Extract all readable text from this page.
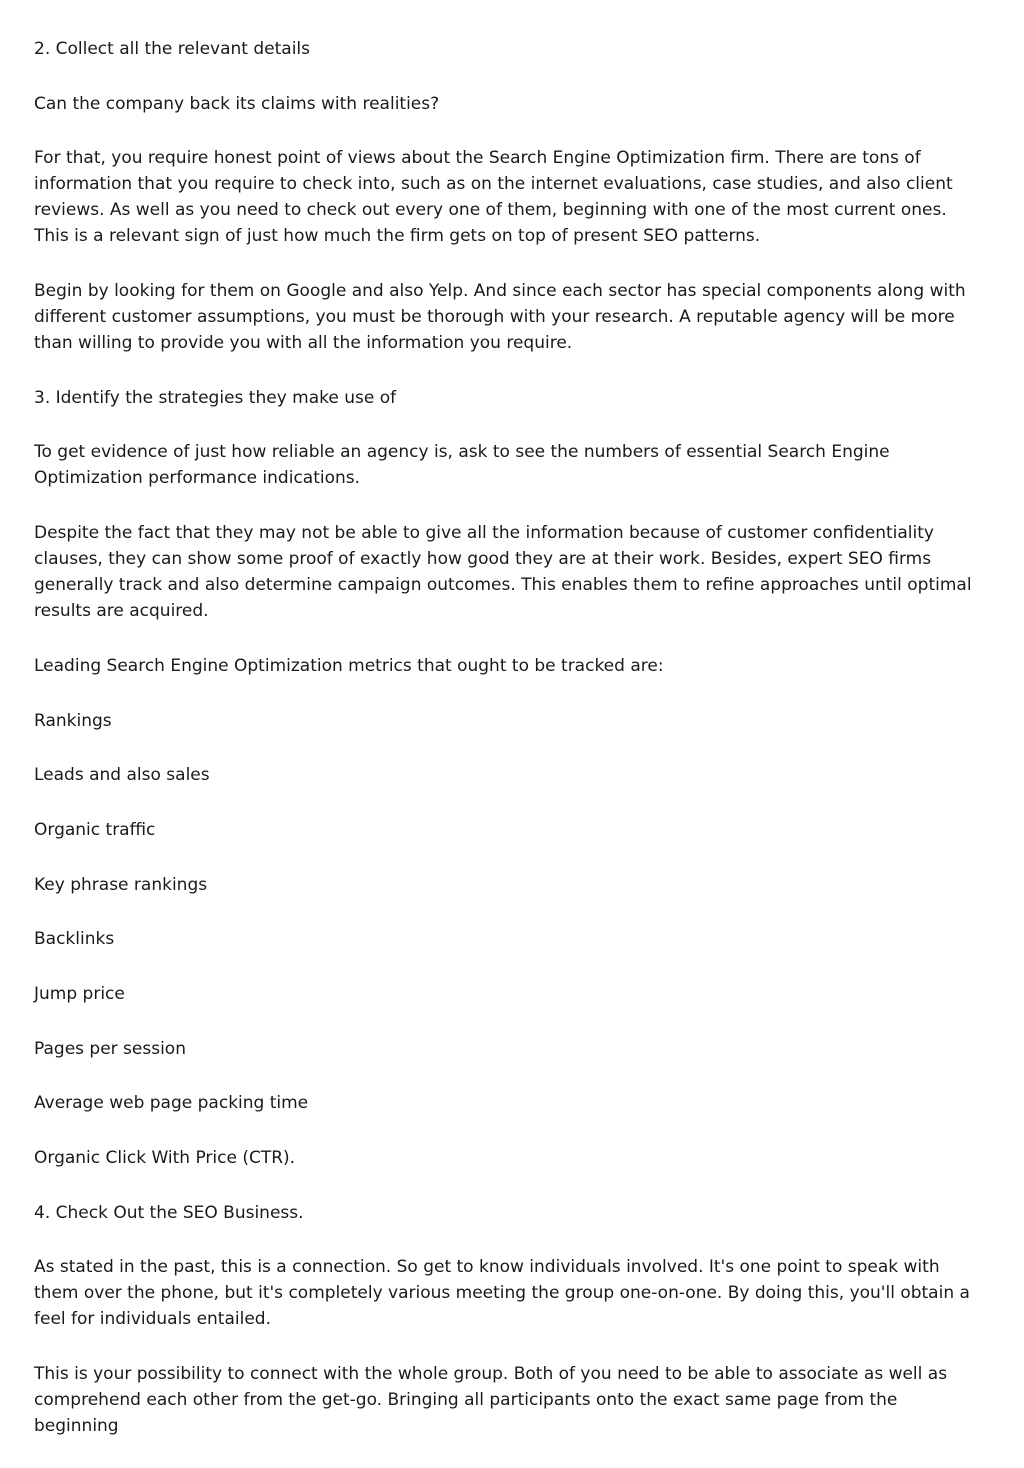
2. Collect all the relevant details

Can the company back its claims with realities?

For that, you require honest point of views about the Search Engine Optimization firm. There are tons of information that you require to check into, such as on the internet evaluations, case studies, and also client reviews. As well as you need to check out every one of them, beginning with one of the most current ones. This is a relevant sign of just how much the firm gets on top of present SEO patterns.

Begin by looking for them on Google and also Yelp. And since each sector has special components along with different customer assumptions, you must be thorough with your research. A reputable agency will be more than willing to provide you with all the information you require.

3. Identify the strategies they make use of

To get evidence of just how reliable an agency is, ask to see the numbers of essential Search Engine Optimization performance indications.

Despite the fact that they may not be able to give all the information because of customer confidentiality clauses, they can show some proof of exactly how good they are at their work. Besides, expert SEO firms generally track and also determine campaign outcomes. This enables them to refine approaches until optimal results are acquired.

Leading Search Engine Optimization metrics that ought to be tracked are:

Rankings

Leads and also sales

Organic traffic

Key phrase rankings

Backlinks

Jump price

Pages per session

Average web page packing time

Organic Click With Price (CTR).

4. Check Out the SEO Business.

As stated in the past, this is a connection. So get to know individuals involved. It's one point to speak with them over the phone, but it's completely various meeting the group one-on-one. By doing this, you'll obtain a feel for individuals entailed.

This is your possibility to connect with the whole group. Both of you need to be able to associate as well as comprehend each other from the get-go. Bringing all participants onto the exact same page from the beginning
